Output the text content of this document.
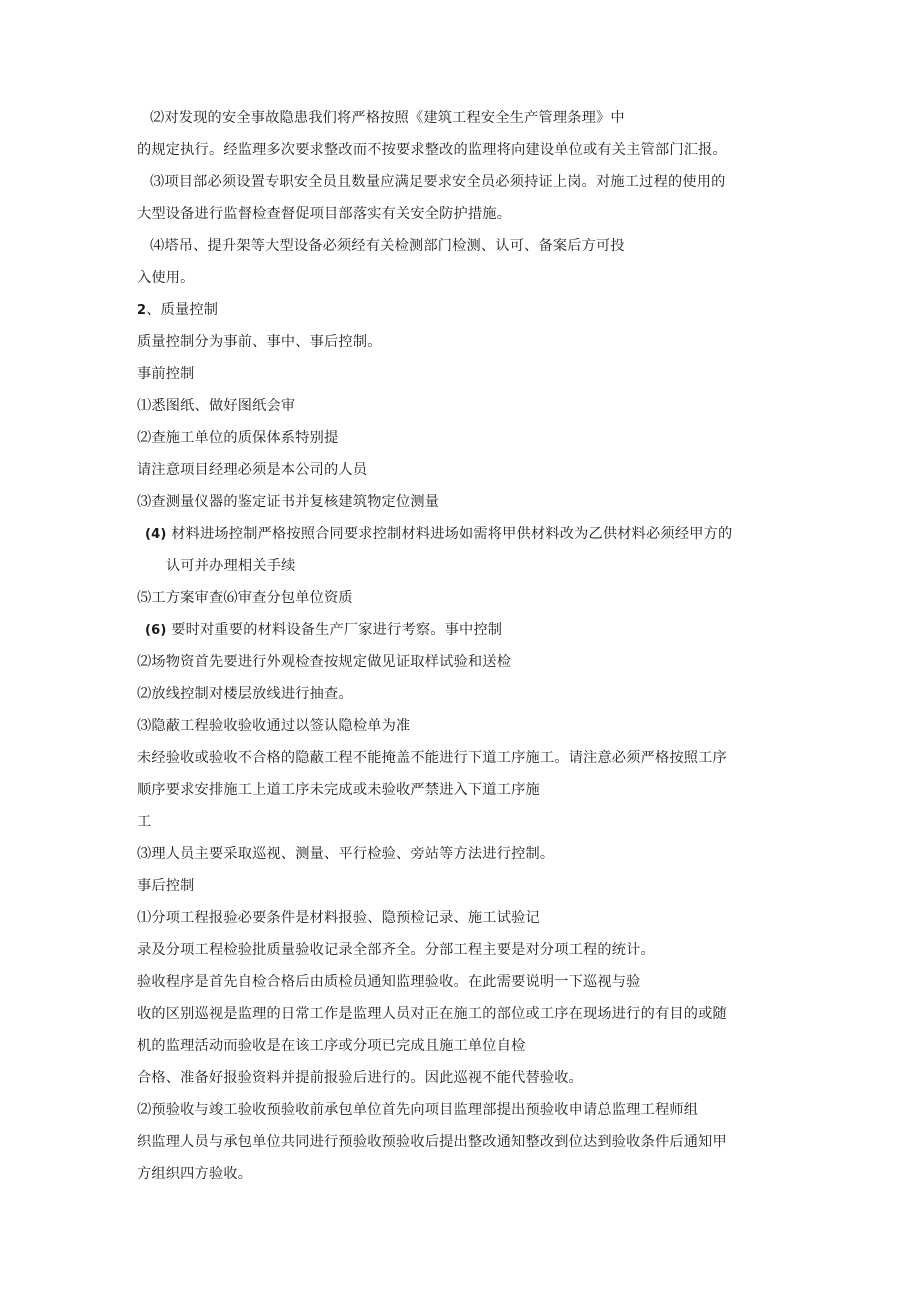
⑵对发现的安全事故隐患我们将严格按照《建筑工程安全生产管理条理》中
的规定执行。经监理多次要求整改而不按要求整改的监理将向建设单位或有关主管部门汇报。
⑶项目部必须设置专职安全员且数量应满足要求安全员必须持证上岗。对施工过程的使用的
大型设备进行监督检查督促项目部落实有关安全防护措施。
⑷塔吊、提升架等大型设备必须经有关检测部门检测、认可、备案后方可投
入使用。
2、质量控制
质量控制分为事前、事中、事后控制。
事前控制
⑴悉图纸、做好图纸会审
⑵查施工单位的质保体系特别提
请注意项目经理必须是本公司的人员
⑶查测量仪器的鉴定证书并复核建筑物定位测量
(4) 材料进场控制严格按照合同要求控制材料进场如需将甲供材料改为乙供材料必须经甲方的
认可并办理相关手续
⑸工方案审查⑹审查分包单位资质
(6) 要时对重要的材料设备生产厂家进行考察。事中控制
⑵场物资首先要进行外观检查按规定做见证取样试验和送检
⑵放线控制对楼层放线进行抽查。
⑶隐蔽工程验收验收通过以签认隐检单为准
未经验收或验收不合格的隐蔽工程不能掩盖不能进行下道工序施工。请注意必须严格按照工序
顺序要求安排施工上道工序未完成或未验收严禁进入下道工序施
工
⑶理人员主要采取巡视、测量、平行检验、旁站等方法进行控制。
事后控制
⑴分项工程报验必要条件是材料报验、隐预检记录、施工试验记
录及分项工程检验批质量验收记录全部齐全。分部工程主要是对分项工程的统计。
验收程序是首先自检合格后由质检员通知监理验收。在此需要说明一下巡视与验
收的区别巡视是监理的日常工作是监理人员对正在施工的部位或工序在现场进行的有目的或随
机的监理活动而验收是在该工序或分项已完成且施工单位自检
合格、准备好报验资料并提前报验后进行的。因此巡视不能代替验收。
⑵预验收与竣工验收预验收前承包单位首先向项目监理部提出预验收申请总监理工程师组
织监理人员与承包单位共同进行预验收预验收后提出整改通知整改到位达到验收条件后通知甲
方组织四方验收。
